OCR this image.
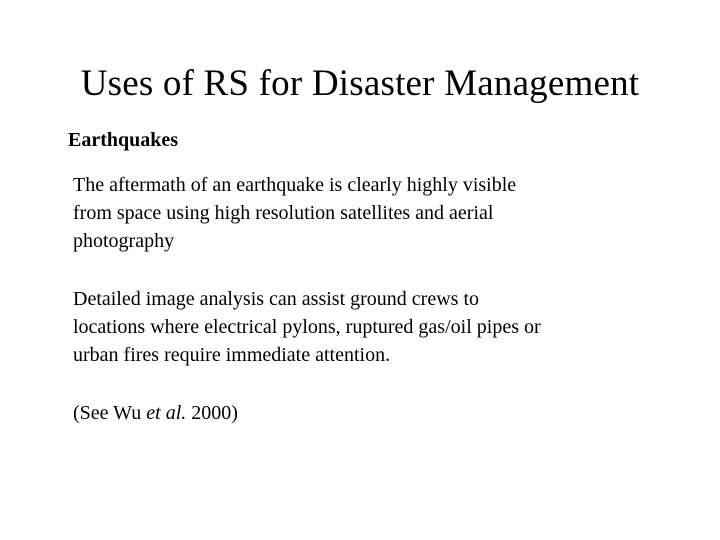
Uses of RS for Disaster Management
Earthquakes

The aftermath of an earthquake is clearly highly visible
from space using high resolution satellites and aerial
photography

Detailed image analysis can assist ground crews to
locations where electrical pylons, ruptured gas/oil pipes or
urban fires require immediate attention.

(See Wu et al. 2000)
